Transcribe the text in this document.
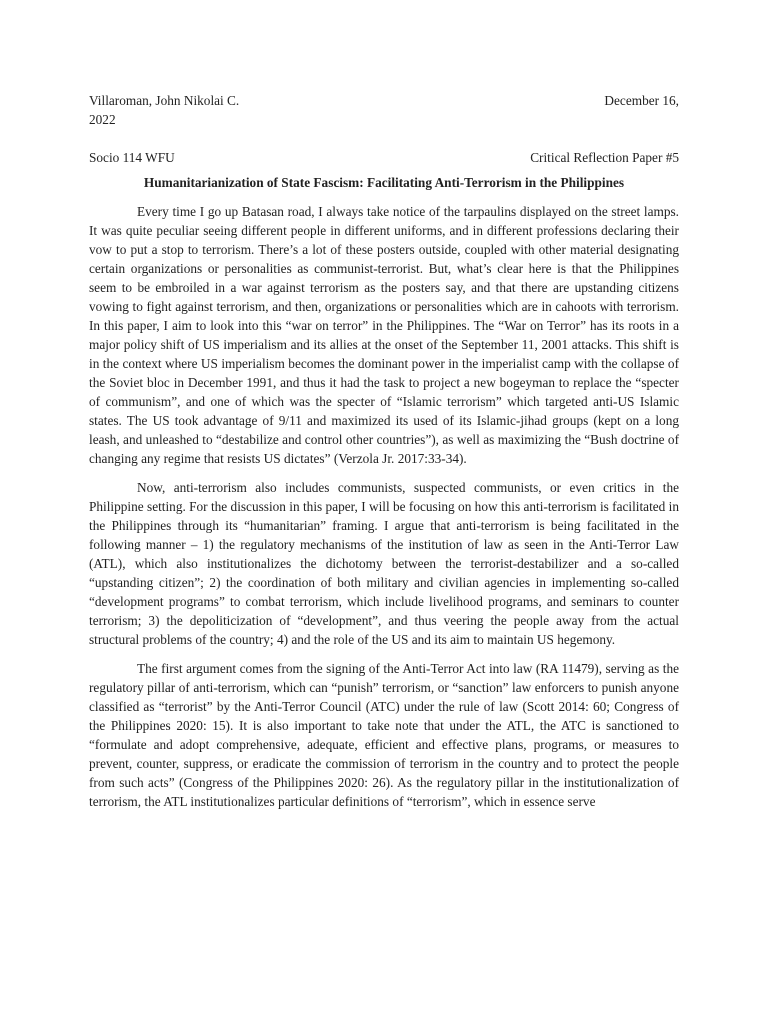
Villaroman, John Nikolai C.	December 16,
2022
Socio 114 WFU	Critical Reflection Paper #5
Humanitarianization of State Fascism: Facilitating Anti-Terrorism in the Philippines

Every time I go up Batasan road, I always take notice of the tarpaulins displayed on the street lamps. It was quite peculiar seeing different people in different uniforms, and in different professions declaring their vow to put a stop to terrorism. There’s a lot of these posters outside, coupled with other material designating certain organizations or personalities as communist-terrorist. But, what’s clear here is that the Philippines seem to be embroiled in a war against terrorism as the posters say, and that there are upstanding citizens vowing to fight against terrorism, and then, organizations or personalities which are in cahoots with terrorism. In this paper, I aim to look into this “war on terror” in the Philippines. The “War on Terror” has its roots in a major policy shift of US imperialism and its allies at the onset of the September 11, 2001 attacks. This shift is in the context where US imperialism becomes the dominant power in the imperialist camp with the collapse of the Soviet bloc in December 1991, and thus it had the task to project a new bogeyman to replace the “specter of communism”, and one of which was the specter of “Islamic terrorism” which targeted anti-US Islamic states. The US took advantage of 9/11 and maximized its used of its Islamic-jihad groups (kept on a long leash, and unleashed to “destabilize and control other countries”), as well as maximizing the “Bush doctrine of changing any regime that resists US dictates” (Verzola Jr. 2017:33-34).

Now, anti-terrorism also includes communists, suspected communists, or even critics in the Philippine setting. For the discussion in this paper, I will be focusing on how this anti-terrorism is facilitated in the Philippines through its “humanitarian” framing. I argue that anti-terrorism is being facilitated in the following manner – 1) the regulatory mechanisms of the institution of law as seen in the Anti-Terror Law (ATL), which also institutionalizes the dichotomy between the terrorist-destabilizer and a so-called “upstanding citizen”; 2) the coordination of both military and civilian agencies in implementing so-called “development programs” to combat terrorism, which include livelihood programs, and seminars to counter terrorism; 3) the depoliticization of “development”, and thus veering the people away from the actual structural problems of the country; 4) and the role of the US and its aim to maintain US hegemony.

The first argument comes from the signing of the Anti-Terror Act into law (RA 11479), serving as the regulatory pillar of anti-terrorism, which can “punish” terrorism, or “sanction” law enforcers to punish anyone classified as “terrorist” by the Anti-Terror Council (ATC) under the rule of law (Scott 2014: 60; Congress of the Philippines 2020: 15). It is also important to take note that under the ATL, the ATC is sanctioned to “formulate and adopt comprehensive, adequate, efficient and effective plans, programs, or measures to prevent, counter, suppress, or eradicate the commission of terrorism in the country and to protect the people from such acts” (Congress of the Philippines 2020: 26). As the regulatory pillar in the institutionalization of terrorism, the ATL institutionalizes particular definitions of “terrorism”, which in essence serve
